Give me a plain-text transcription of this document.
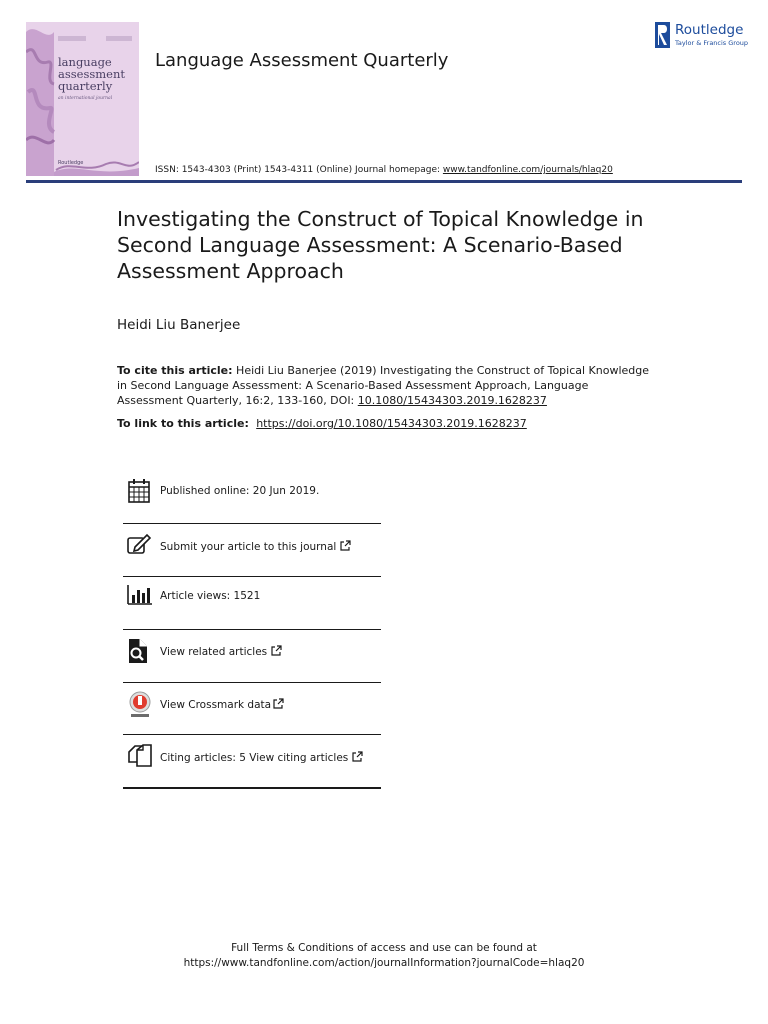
language
assessment
quarterly
an international journal
Routledge
Language Assessment Quarterly
ISSN: 1543-4303 (Print) 1543-4311 (Online) Journal homepage: www.tandfonline.com/journals/hlaq20
Routledge
Taylor & Francis Group
Investigating the Construct of Topical Knowledge in Second Language Assessment: A Scenario-Based Assessment Approach
Heidi Liu Banerjee
To cite this article: Heidi Liu Banerjee (2019) Investigating the Construct of Topical Knowledge in Second Language Assessment: A Scenario-Based Assessment Approach, Language Assessment Quarterly, 16:2, 133-160, DOI: 10.1080/15434303.2019.1628237
To link to this article:  https://doi.org/10.1080/15434303.2019.1628237
Published online: 20 Jun 2019.
Submit your article to this journal
Article views: 1521
View related articles
View Crossmark data
Citing articles: 5 View citing articles
Full Terms & Conditions of access and use can be found at
https://www.tandfonline.com/action/journalInformation?journalCode=hlaq20
